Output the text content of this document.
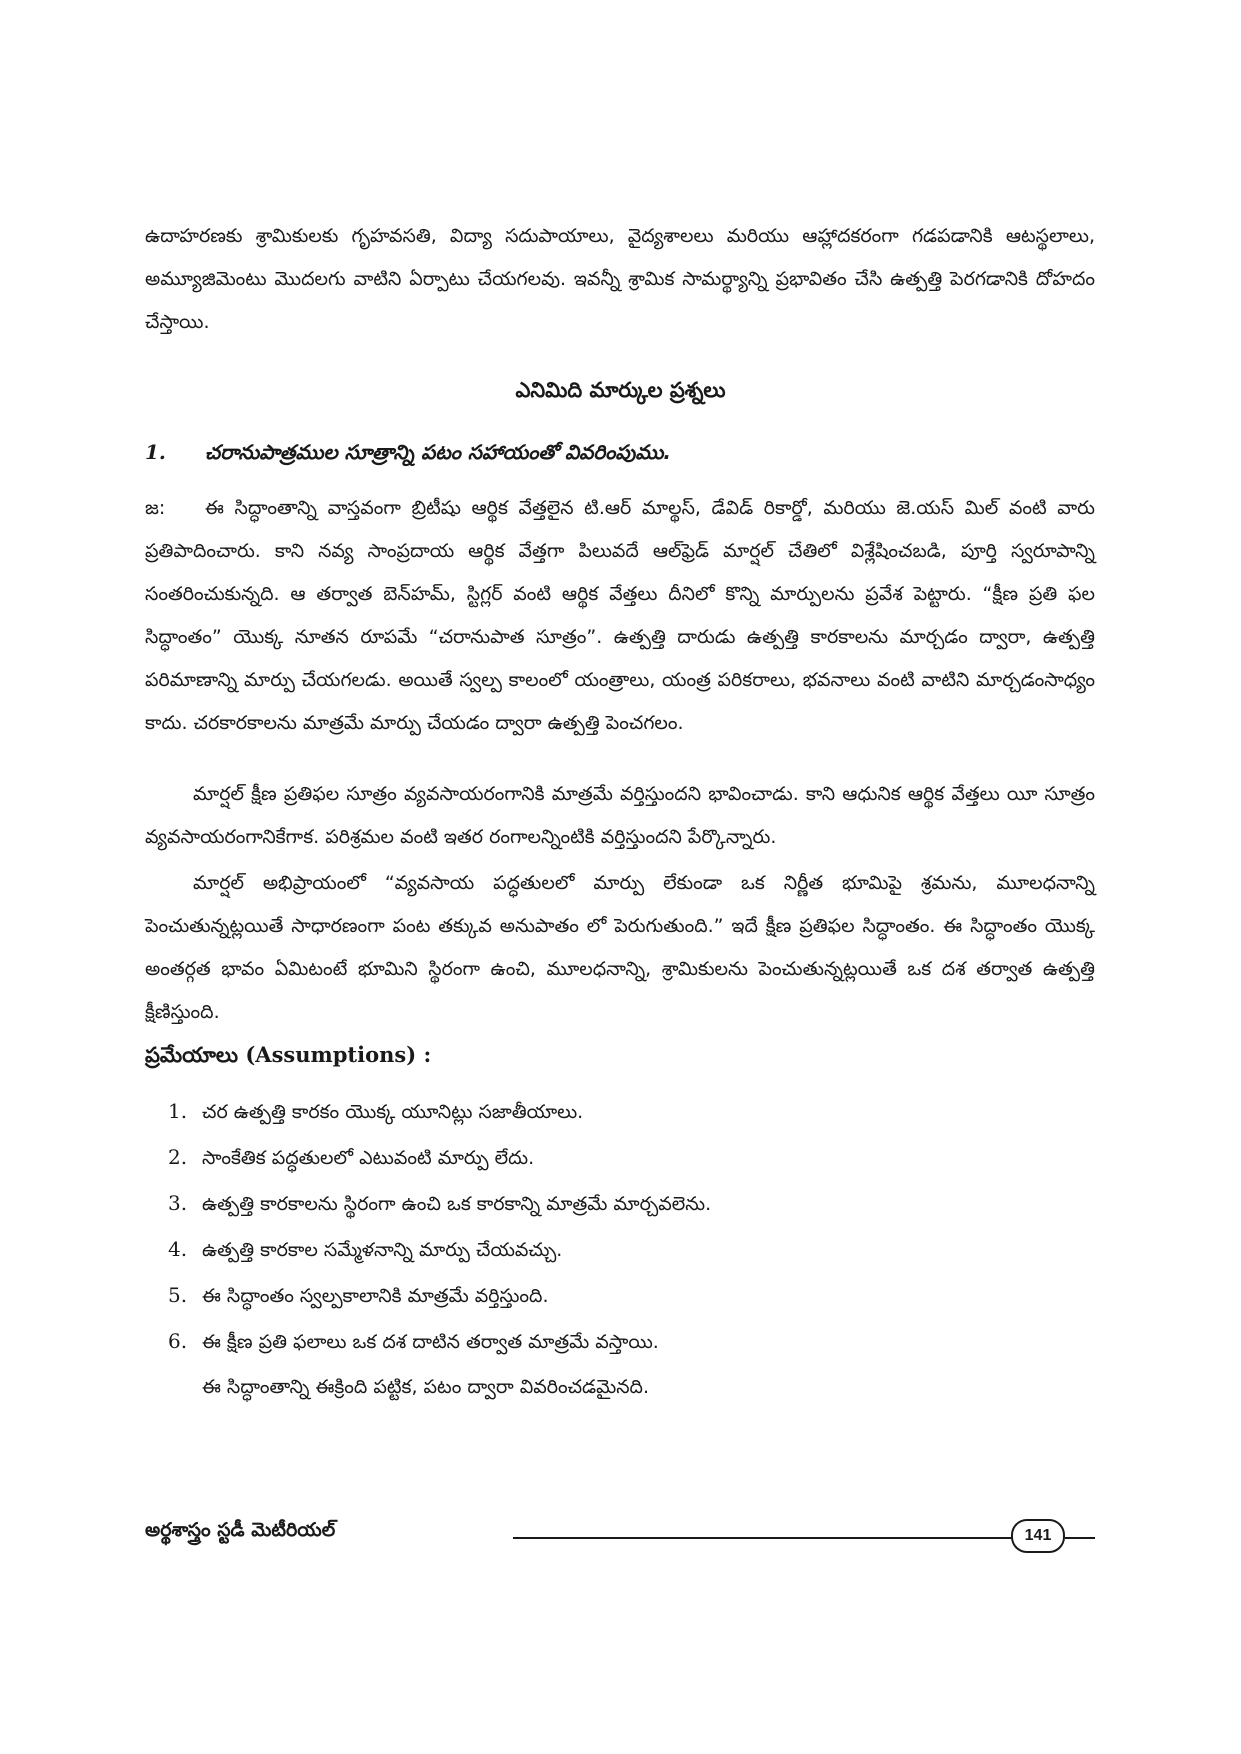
ఉదాహరణకు శ్రామికులకు గృహవసతి, విద్యా సదుపాయాలు, వైద్యశాలలు మరియు ఆహ్లాదకరంగా గడపడానికి ఆటస్థలాలు, అమ్యూజిమెంటు మొదలగు వాటిని ఏర్పాటు చేయగలవు. ఇవన్నీ శ్రామిక సామర్థ్యాన్ని ప్రభావితం చేసి ఉత్పత్తి పెరగడానికి దోహదం చేస్తాయి.

ఎనిమిది మార్కుల ప్రశ్నలు
1. చరానుపాత్రముల సూత్రాన్ని పటం సహాయంతో వివరింపుము.

జ: ఈ సిద్ధాంతాన్ని వాస్తవంగా బ్రిటీషు ఆర్థిక వేత్తలైన టి.ఆర్ మాల్థస్, డేవిడ్ రికార్డో, మరియు జె.యస్ మిల్ వంటి వారు ప్రతిపాదించారు. కాని నవ్య సాంప్రదాయ ఆర్థిక వేత్తగా పిలువదే ఆల్‌ఫ్రెడ్ మార్షల్ చేతిలో విశ్లేషించబడి, పూర్తి స్వరూపాన్ని సంతరించుకున్నది. ఆ తర్వాత బెన్‌హమ్, స్టిగ్లర్ వంటి ఆర్థిక వేత్తలు దీనిలో కొన్ని మార్పులను ప్రవేశ పెట్టారు. “క్షీణ ప్రతి ఫల సిద్ధాంతం” యొక్క నూతన రూపమే “చరానుపాత సూత్రం”. ఉత్పత్తి దారుడు ఉత్పత్తి కారకాలను మార్చడం ద్వారా, ఉత్పత్తి పరిమాణాన్ని మార్పు చేయగలడు. అయితే స్వల్ప కాలంలో యంత్రాలు, యంత్ర పరికరాలు, భవనాలు వంటి వాటిని మార్చడంసాధ్యం కాదు. చరకారకాలను మాత్రమే మార్పు చేయడం ద్వారా ఉత్పత్తి పెంచగలం.

మార్షల్ క్షీణ ప్రతిఫల సూత్రం వ్యవసాయరంగానికి మాత్రమే వర్తిస్తుందని భావించాడు. కాని ఆధునిక ఆర్థిక వేత్తలు యీ సూత్రం వ్యవసాయరంగానికేగాక. పరిశ్రమల వంటి ఇతర రంగాలన్నింటికి వర్తిస్తుందని పేర్కొన్నారు.

మార్షల్ అభిప్రాయంలో “వ్యవసాయ పద్ధతులలో మార్పు లేకుండా ఒక నిర్ణీత భూమిపై శ్రమను, మూలధనాన్ని పెంచుతున్నట్లయితే సాధారణంగా పంట తక్కువ అనుపాతం లో పెరుగుతుంది.” ఇదే క్షీణ ప్రతిఫల సిద్ధాంతం. ఈ సిద్ధాంతం యొక్క అంతర్గత భావం ఏమిటంటే భూమిని స్థిరంగా ఉంచి, మూలధనాన్ని, శ్రామికులను పెంచుతున్నట్లయితే ఒక దశ తర్వాత ఉత్పత్తి క్షీణిస్తుంది.

ప్రమేయాలు (Assumptions) :
1. చర ఉత్పత్తి కారకం యొక్క యూనిట్లు సజాతీయాలు.
2. సాంకేతిక పద్ధతులలో ఎటువంటి మార్పు లేదు.
3. ఉత్పత్తి కారకాలను స్థిరంగా ఉంచి ఒక కారకాన్ని మాత్రమే మార్చవలెను.
4. ఉత్పత్తి కారకాల సమ్మేళనాన్ని మార్పు చేయవచ్చు.
5. ఈ సిద్ధాంతం స్వల్పకాలానికి మాత్రమే వర్తిస్తుంది.
6. ఈ క్షీణ ప్రతి ఫలాలు ఒక దశ దాటిన తర్వాత మాత్రమే వస్తాయి.
ఈ సిద్ధాంతాన్ని ఈక్రింది పట్టిక, పటం ద్వారా వివరించడమైనది.
అర్థశాస్త్రం స్టడీ మెటీరియల్	141
